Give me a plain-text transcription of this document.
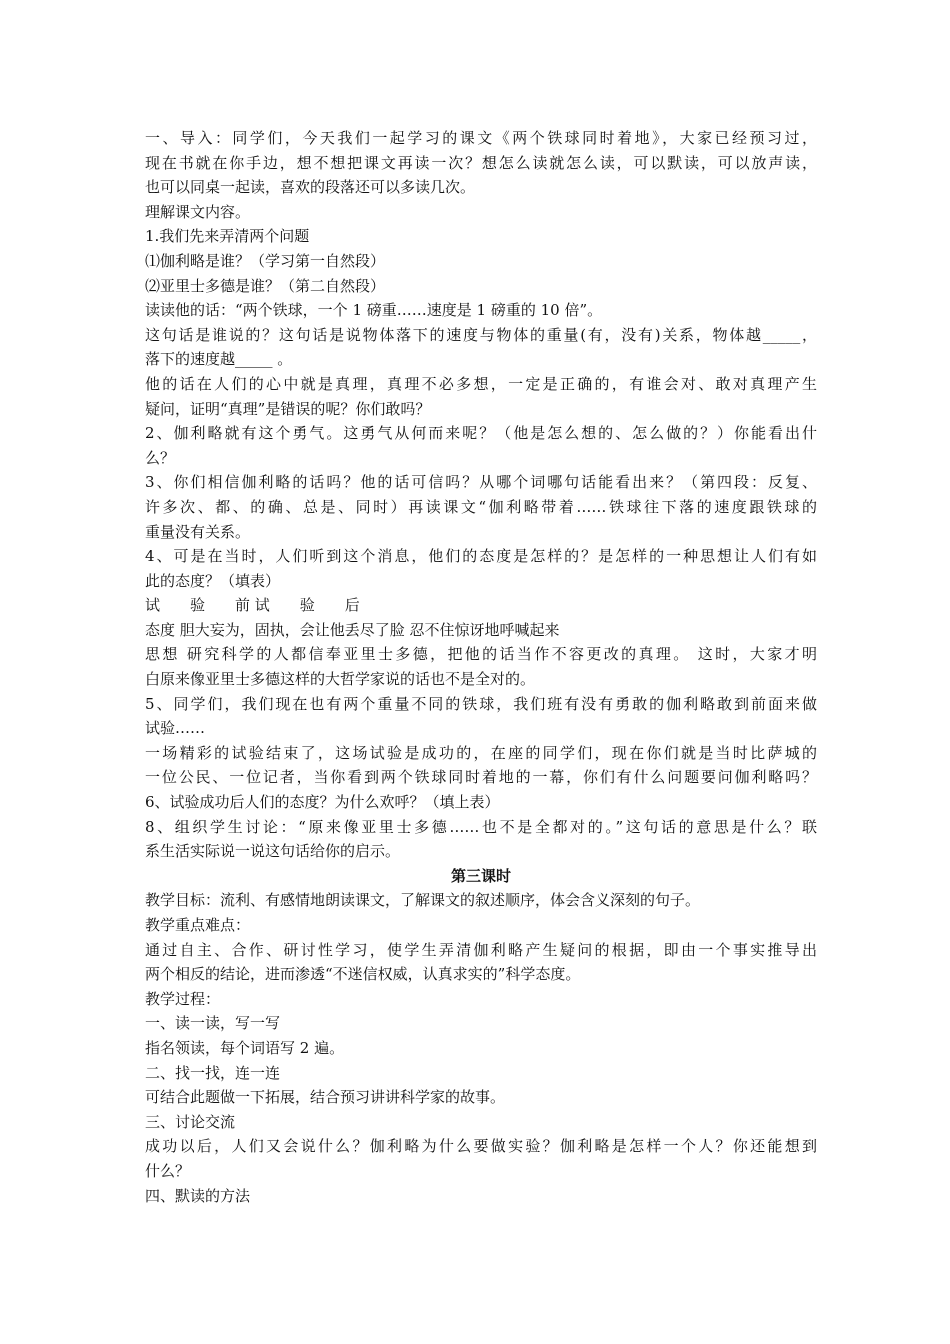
一、导入：同学们，今天我们一起学习的课文《两个铁球同时着地》，大家已经预习过，
现在书就在你手边，想不想把课文再读一次？想怎么读就怎么读，可以默读，可以放声读，
也可以同桌一起读，喜欢的段落还可以多读几次。
理解课文内容。
1.我们先来弄清两个问题
⑴伽利略是谁？（学习第一自然段）
⑵亚里士多德是谁？（第二自然段）
读读他的话：“两个铁球，一个 1 磅重……速度是 1 磅重的 10 倍”。
这句话是谁说的？这句话是说物体落下的速度与物体的重量(有，没有)关系，物体越_____，
落下的速度越_____ 。
他的话在人们的心中就是真理，真理不必多想，一定是正确的，有谁会对、敢对真理产生
疑问，证明“真理”是错误的呢？你们敢吗？
2、伽利略就有这个勇气。这勇气从何而来呢？（他是怎么想的、怎么做的？）你能看出什
么？
3、你们相信伽利略的话吗？他的话可信吗？从哪个词哪句话能看出来？（第四段：反复、
许多次、都、的确、总是、同时）再读课文“伽利略带着……铁球往下落的速度跟铁球的
重量没有关系。
4、可是在当时，人们听到这个消息，他们的态度是怎样的？是怎样的一种思想让人们有如
此的态度？（填表）
试　　验　　前 试　　验　　后
态度 胆大妄为，固执，会让他丢尽了脸 忍不住惊讶地呼喊起来
思想 研究科学的人都信奉亚里士多德，把他的话当作不容更改的真理。 这时，大家才明
白原来像亚里士多德这样的大哲学家说的话也不是全对的。
5、同学们，我们现在也有两个重量不同的铁球，我们班有没有勇敢的伽利略敢到前面来做
试验……
一场精彩的试验结束了，这场试验是成功的，在座的同学们，现在你们就是当时比萨城的
一位公民、一位记者，当你看到两个铁球同时着地的一幕，你们有什么问题要问伽利略吗？
6、试验成功后人们的态度？为什么欢呼？（填上表）
8、组织学生讨论：“原来像亚里士多德……也不是全都对的。”这句话的意思是什么？联
系生活实际说一说这句话给你的启示。
第三课时
教学目标：流利、有感情地朗读课文，了解课文的叙述顺序，体会含义深刻的句子。
教学重点难点：
通过自主、合作、研讨性学习，使学生弄清伽利略产生疑问的根据，即由一个事实推导出
两个相反的结论，进而渗透“不迷信权威，认真求实的”科学态度。
教学过程：
一、读一读，写一写
指名领读，每个词语写 2 遍。
二、找一找，连一连
可结合此题做一下拓展，结合预习讲讲科学家的故事。
三、讨论交流
成功以后，人们又会说什么？伽利略为什么要做实验？伽利略是怎样一个人？你还能想到
什么？
四、默读的方法
